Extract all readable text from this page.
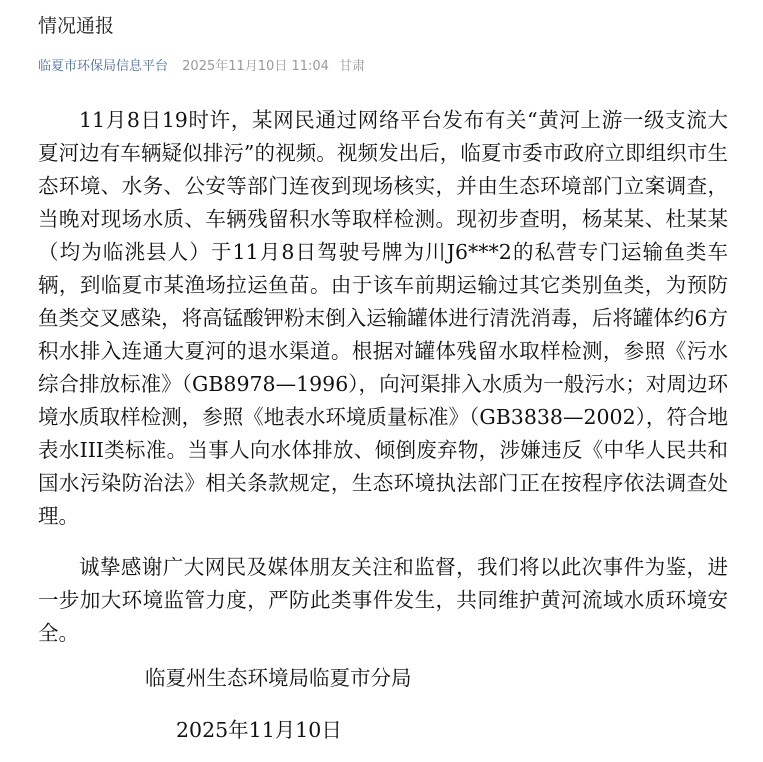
情况通报
临夏市环保局信息平台 2025年11月10日 11:04 甘肃

11月8日19时许，某网民通过网络平台发布有关“黄河上游一级支流大夏河边有车辆疑似排污”的视频。视频发出后，临夏市委市政府立即组织市生态环境、水务、公安等部门连夜到现场核实，并由生态环境部门立案调查，当晚对现场水质、车辆残留积水等取样检测。现初步查明，杨某某、杜某某（均为临洮县人）于11月8日驾驶号牌为川J6***2的私营专门运输鱼类车辆，到临夏市某渔场拉运鱼苗。由于该车前期运输过其它类别鱼类，为预防鱼类交叉感染，将高锰酸钾粉末倒入运输罐体进行清洗消毒，后将罐体约6方积水排入连通大夏河的退水渠道。根据对罐体残留水取样检测，参照《污水综合排放标准》（GB8978—1996），向河渠排入水质为一般污水；对周边环境水质取样检测，参照《地表水环境质量标准》（GB3838—2002），符合地表水III类标准。当事人向水体排放、倾倒废弃物，涉嫌违反《中华人民共和国水污染防治法》相关条款规定，生态环境执法部门正在按程序依法调查处理。

诚挚感谢广大网民及媒体朋友关注和监督，我们将以此次事件为鉴，进一步加大环境监管力度，严防此类事件发生，共同维护黄河流域水质环境安全。

临夏州生态环境局临夏市分局
2025年11月10日
